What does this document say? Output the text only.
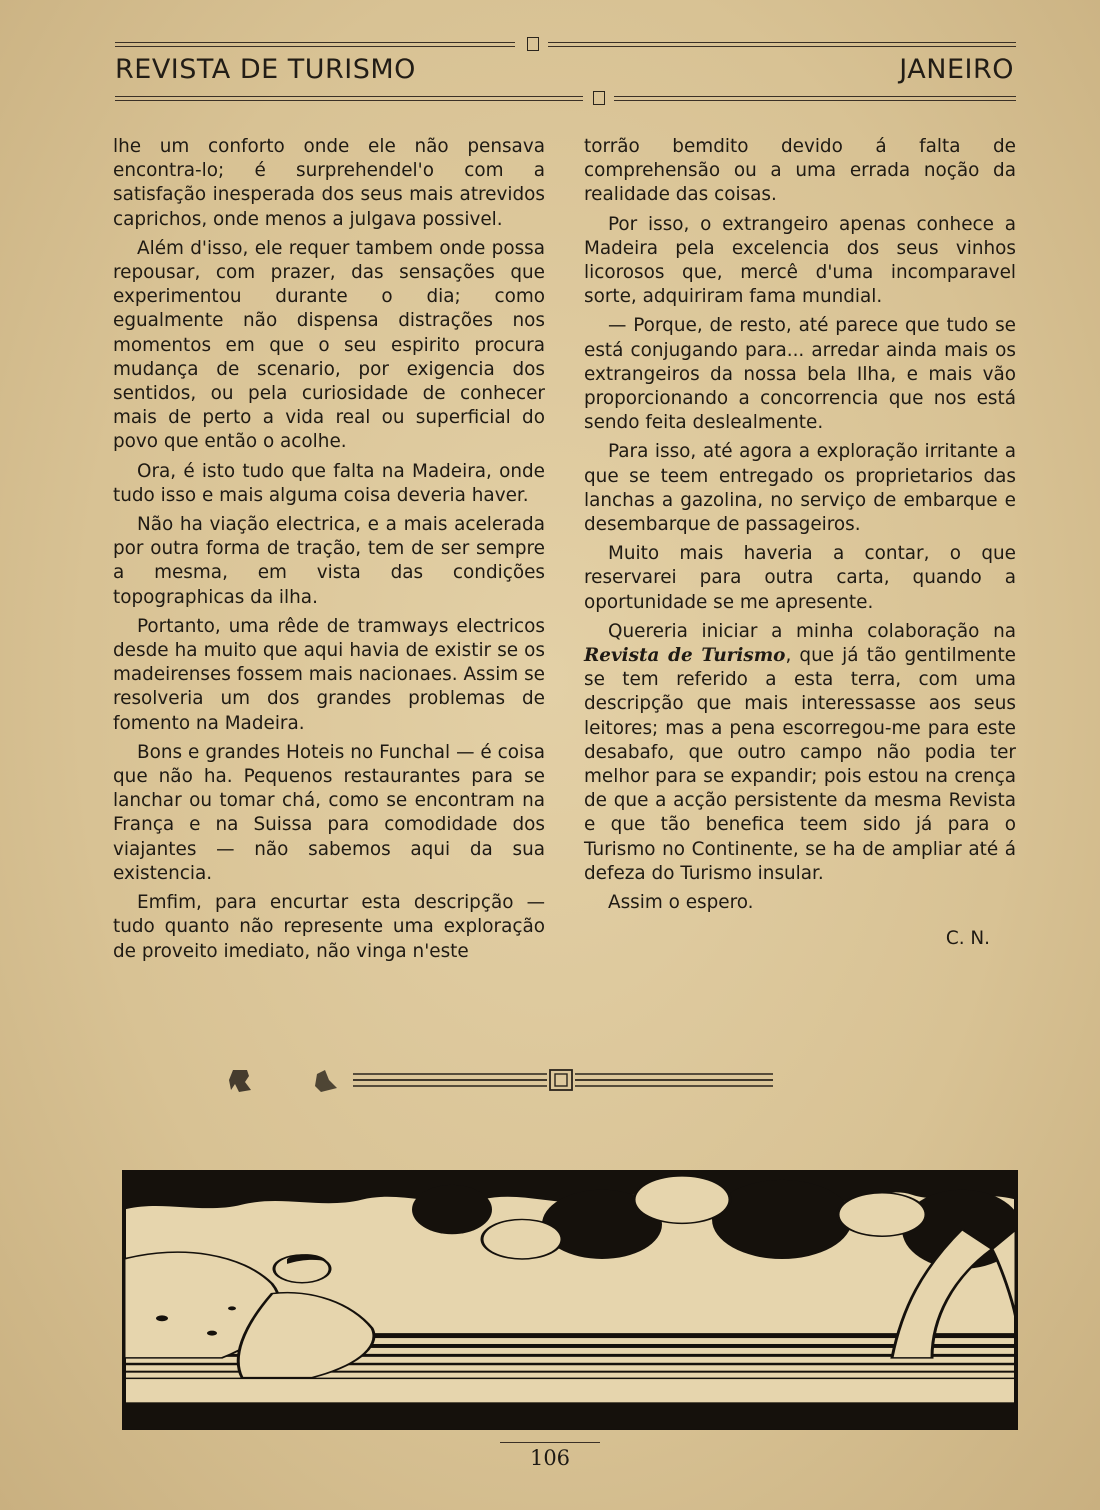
REVISTA DE TURISMO	JANEIRO

lhe um conforto onde ele não pensava encontra-lo; é surprehendel'o com a satisfação inesperada dos seus mais atrevidos caprichos, onde menos a julgava possivel.

Além d'isso, ele requer tambem onde possa repousar, com prazer, das sensações que experimentou durante o dia; como egualmente não dispensa distrações nos momentos em que o seu espirito procura mudança de scenario, por exigencia dos sentidos, ou pela curiosidade de conhecer mais de perto a vida real ou superficial do povo que então o acolhe.

Ora, é isto tudo que falta na Madeira, onde tudo isso e mais alguma coisa deveria haver.

Não ha viação electrica, e a mais acelerada por outra forma de tração, tem de ser sempre a mesma, em vista das condições topographicas da ilha.

Portanto, uma rêde de tramways electricos desde ha muito que aqui havia de existir se os madeirenses fossem mais nacionaes. Assim se resolveria um dos grandes problemas de fomento na Madeira.

Bons e grandes Hoteis no Funchal — é coisa que não ha. Pequenos restaurantes para se lanchar ou tomar chá, como se encontram na França e na Suissa para comodidade dos viajantes — não sabemos aqui da sua existencia.

Emfim, para encurtar esta descripção — tudo quanto não represente uma exploração de proveito imediato, não vinga n'este

torrão bemdito devido á falta de comprehensão ou a uma errada noção da realidade das coisas.

Por isso, o extrangeiro apenas conhece a Madeira pela excelencia dos seus vinhos licorosos que, mercê d'uma incomparavel sorte, adquiriram fama mundial.

— Porque, de resto, até parece que tudo se está conjugando para... arredar ainda mais os extrangeiros da nossa bela Ilha, e mais vão proporcionando a concorrencia que nos está sendo feita deslealmente.

Para isso, até agora a exploração irritante a que se teem entregado os proprietarios das lanchas a gazolina, no serviço de embarque e desembarque de passageiros.

Muito mais haveria a contar, o que reservarei para outra carta, quando a oportunidade se me apresente.

Quereria iniciar a minha colaboração na Revista de Turismo, que já tão gentilmente se tem referido a esta terra, com uma descripção que mais interessasse aos seus leitores; mas a pena escorregou-me para este desabafo, que outro campo não podia ter melhor para se expandir; pois estou na crença de que a acção persistente da mesma Revista e que tão benefica teem sido já para o Turismo no Continente, se ha de ampliar até á defeza do Turismo insular.

Assim o espero.

C. N.

106
